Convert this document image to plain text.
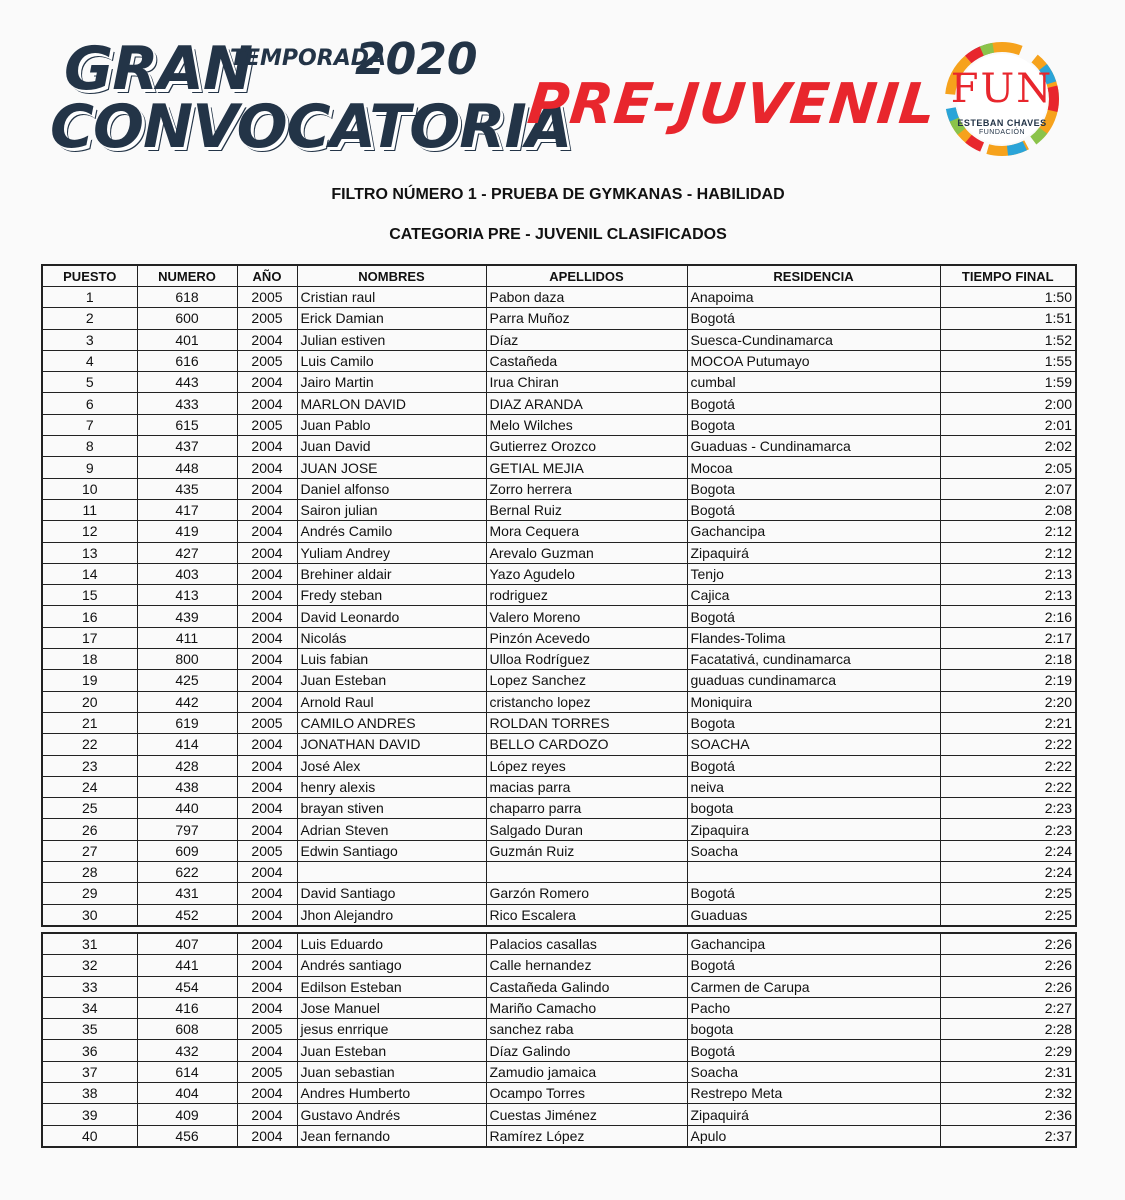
GRAN
TEMPORADA
2020
CONVOCATORIA
PRE-JUVENIL FUN
ESTEBAN CHAVES
FUNDACIÓN
FILTRO NÚMERO 1 - PRUEBA DE GYMKANAS - HABILIDAD
CATEGORIA PRE - JUVENIL CLASIFICADOS
PUESTO	NUMERO	AÑO	NOMBRES	APELLIDOS	RESIDENCIA	TIEMPO FINAL
1	618	2005	Cristian raul	Pabon daza	Anapoima	1:50
2	600	2005	Erick Damian	Parra Muñoz	Bogotá	1:51
3	401	2004	Julian estiven	Díaz	Suesca-Cundinamarca	1:52
4	616	2005	Luis Camilo	Castañeda	MOCOA Putumayo	1:55
5	443	2004	Jairo Martin	Irua Chiran	cumbal	1:59
6	433	2004	MARLON DAVID	DIAZ ARANDA	Bogotá	2:00
7	615	2005	Juan Pablo	Melo Wilches	Bogota	2:01
8	437	2004	Juan David	Gutierrez Orozco	Guaduas - Cundinamarca	2:02
9	448	2004	JUAN JOSE	GETIAL MEJIA	Mocoa	2:05
10	435	2004	Daniel alfonso	Zorro herrera	Bogota	2:07
11	417	2004	Sairon julian	Bernal Ruiz	Bogotá	2:08
12	419	2004	Andrés Camilo	Mora Cequera	Gachancipa	2:12
13	427	2004	Yuliam Andrey	Arevalo Guzman	Zipaquirá	2:12
14	403	2004	Brehiner aldair	Yazo Agudelo	Tenjo	2:13
15	413	2004	Fredy steban	rodriguez	Cajica	2:13
16	439	2004	David Leonardo	Valero Moreno	Bogotá	2:16
17	411	2004	Nicolás	Pinzón Acevedo	Flandes-Tolima	2:17
18	800	2004	Luis fabian	Ulloa Rodríguez	Facatativá, cundinamarca	2:18
19	425	2004	Juan Esteban	Lopez Sanchez	guaduas cundinamarca	2:19
20	442	2004	Arnold Raul	cristancho lopez	Moniquira	2:20
21	619	2005	CAMILO ANDRES	ROLDAN TORRES	Bogota	2:21
22	414	2004	JONATHAN DAVID	BELLO CARDOZO	SOACHA	2:22
23	428	2004	José Alex	López reyes	Bogotá	2:22
24	438	2004	henry alexis	macias parra	neiva	2:22
25	440	2004	brayan stiven	chaparro parra	bogota	2:23
26	797	2004	Adrian Steven	Salgado Duran	Zipaquira	2:23
27	609	2005	Edwin Santiago	Guzmán Ruiz	Soacha	2:24
28	622	2004				2:24
29	431	2004	David Santiago	Garzón Romero	Bogotá	2:25
30	452	2004	Jhon Alejandro	Rico Escalera	Guaduas	2:25
31	407	2004	Luis Eduardo	Palacios casallas	Gachancipa	2:26
32	441	2004	Andrés santiago	Calle hernandez	Bogotá	2:26
33	454	2004	Edilson Esteban	Castañeda Galindo	Carmen de Carupa	2:26
34	416	2004	Jose Manuel	Mariño Camacho	Pacho	2:27
35	608	2005	jesus enrrique	sanchez raba	bogota	2:28
36	432	2004	Juan Esteban	Díaz Galindo	Bogotá	2:29
37	614	2005	Juan sebastian	Zamudio jamaica	Soacha	2:31
38	404	2004	Andres Humberto	Ocampo Torres	Restrepo Meta	2:32
39	409	2004	Gustavo Andrés	Cuestas Jiménez	Zipaquirá	2:36
40	456	2004	Jean fernando	Ramírez López	Apulo	2:37
